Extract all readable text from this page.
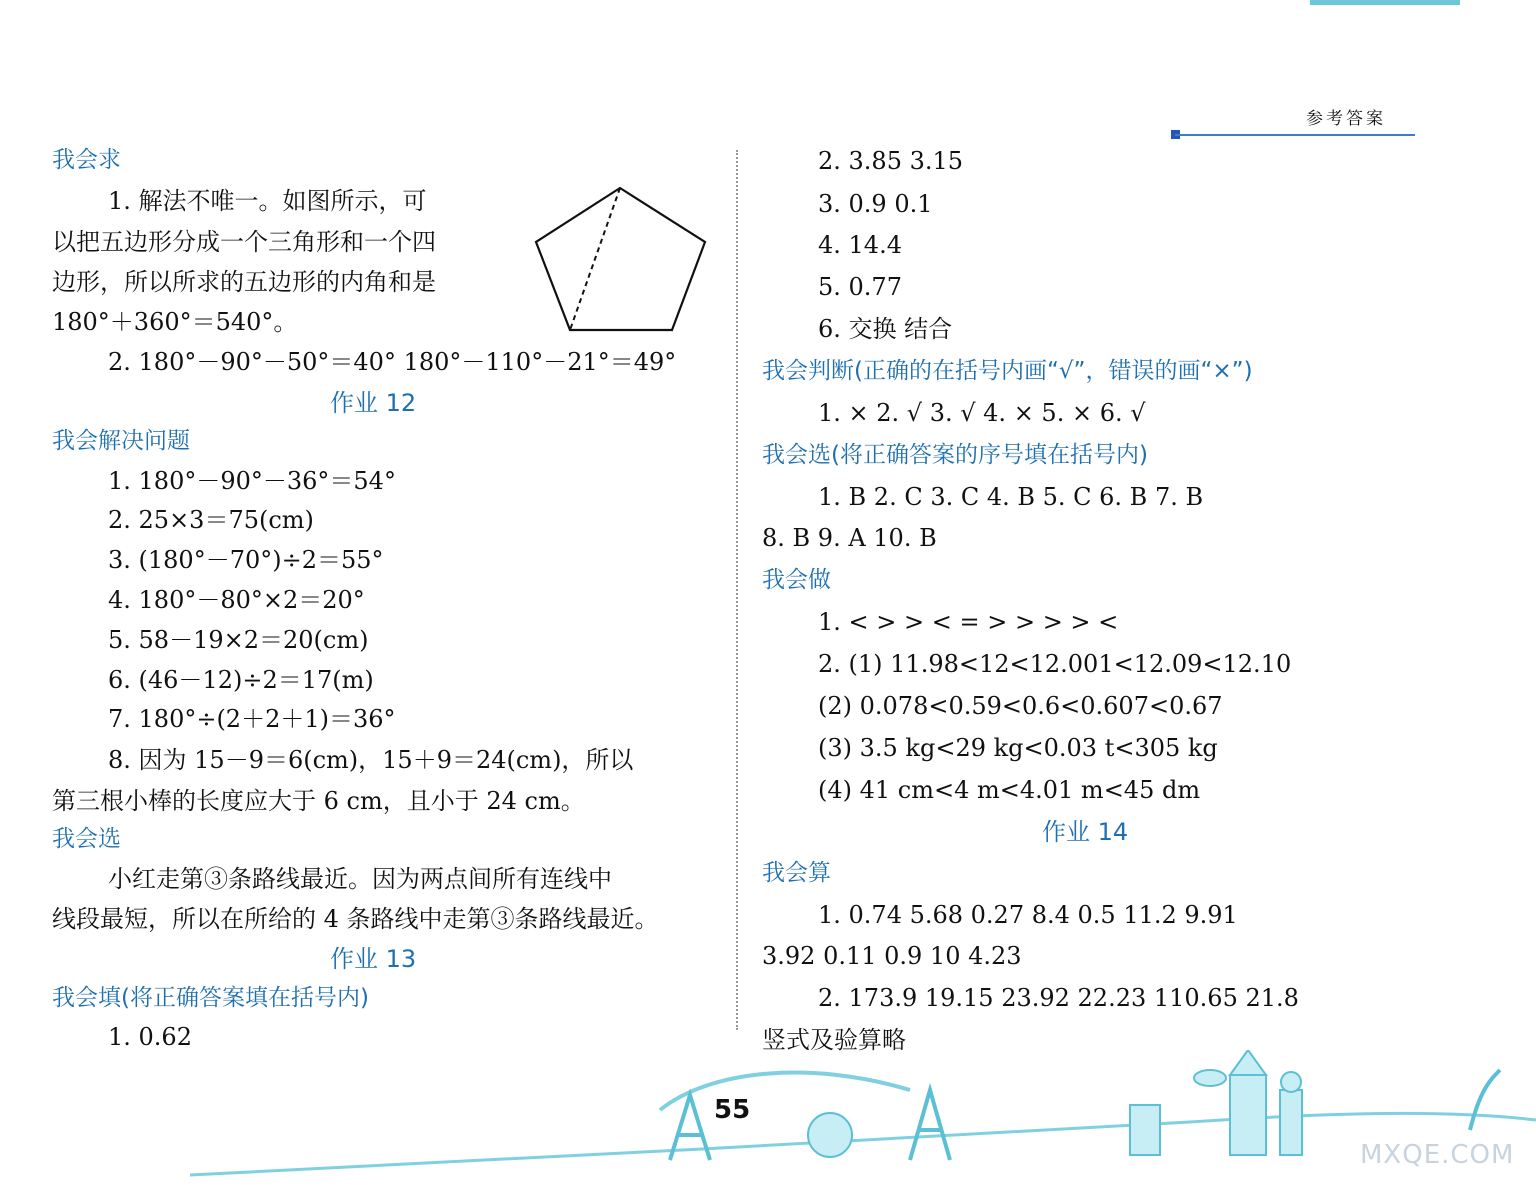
参考答案
我会求
1. 解法不唯一。如图所示，可
以把五边形分成一个三角形和一个四
边形，所以所求的五边形的内角和是
180°＋360°＝540°。
2. 180°－90°－50°＝40° 180°－110°－21°＝49°
作业 12
我会解决问题
1. 180°－90°－36°＝54°
2. 25×3＝75(cm)
3. (180°－70°)÷2＝55°
4. 180°－80°×2＝20°
5. 58－19×2＝20(cm)
6. (46－12)÷2＝17(m)
7. 180°÷(2＋2＋1)＝36°
8. 因为 15－9＝6(cm)，15＋9＝24(cm)，所以
第三根小棒的长度应大于 6 cm，且小于 24 cm。
我会选
小红走第③条路线最近。因为两点间所有连线中
线段最短，所以在所给的 4 条路线中走第③条路线最近。
作业 13
我会填(将正确答案填在括号内)
1. 0.62
2. 3.85 3.15
3. 0.9 0.1
4. 14.4
5. 0.77
6. 交换 结合
我会判断(正确的在括号内画“√”，错误的画“×”)
1. × 2. √ 3. √ 4. × 5. × 6. √
我会选(将正确答案的序号填在括号内)
1. B 2. C 3. C 4. B 5. C 6. B 7. B
8. B 9. A 10. B
我会做
1. < > > < = > > > > <
2. (1) 11.98<12<12.001<12.09<12.10
(2) 0.078<0.59<0.6<0.607<0.67
(3) 3.5 kg<29 kg<0.03 t<305 kg
(4) 41 cm<4 m<4.01 m<45 dm
作业 14
我会算
1. 0.74 5.68 0.27 8.4 0.5 11.2 9.91
3.92 0.11 0.9 10 4.23
2. 173.9 19.15 23.92 22.23 110.65 21.8
竖式及验算略
55
MXQE.COM
